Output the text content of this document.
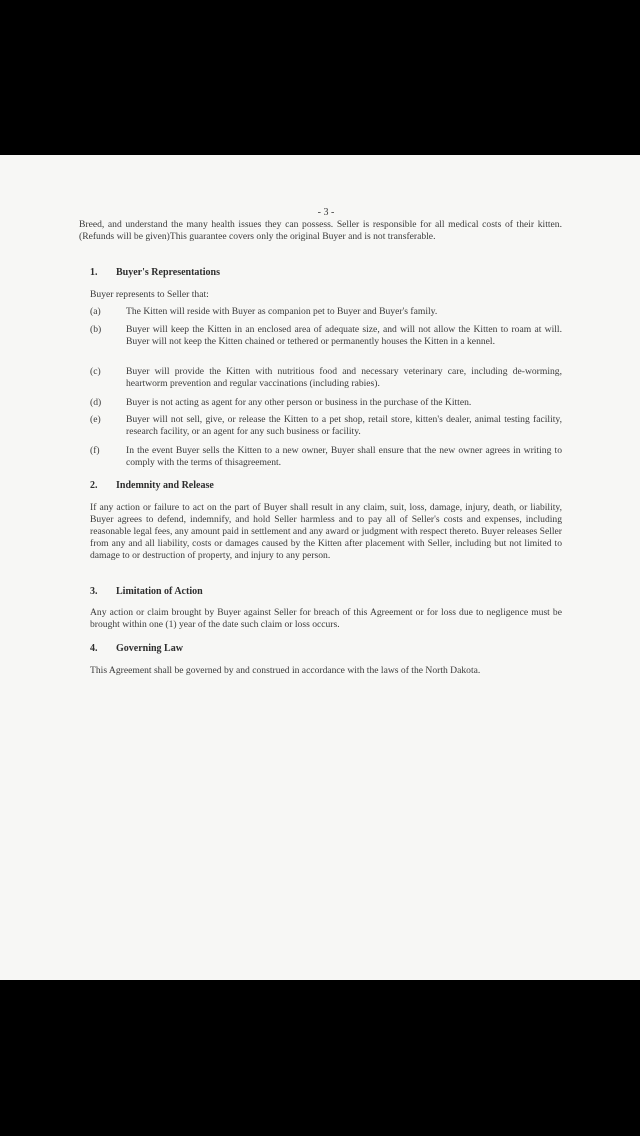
- 3 -
Breed, and understand the many health issues they can possess. Seller is responsible for all medical costs of their kitten. (Refunds will be given)This guarantee covers only the original Buyer and is not transferable.
1. Buyer's Representations
Buyer represents to Seller that:
(a)	The Kitten will reside with Buyer as companion pet to Buyer and Buyer's family.
(b)	Buyer will keep the Kitten in an enclosed area of adequate size, and will not allow the Kitten to roam at will. Buyer will not keep the Kitten chained or tethered or permanently houses the Kitten in a kennel.
(c)	Buyer will provide the Kitten with nutritious food and necessary veterinary care, including de-worming, heartworm prevention and regular vaccinations (including rabies).
(d)	Buyer is not acting as agent for any other person or business in the purchase of the Kitten.
(e)	Buyer will not sell, give, or release the Kitten to a pet shop, retail store, kitten's dealer, animal testing facility, research facility, or an agent for any such business or facility.
(f)	In the event Buyer sells the Kitten to a new owner, Buyer shall ensure that the new owner agrees in writing to comply with the terms of thisagreement.
2. Indemnity and Release
If any action or failure to act on the part of Buyer shall result in any claim, suit, loss, damage, injury, death, or liability, Buyer agrees to defend, indemnify, and hold Seller harmless and to pay all of Seller's costs and expenses, including reasonable legal fees, any amount paid in settlement and any award or judgment with respect thereto. Buyer releases Seller from any and all liability, costs or damages caused by the Kitten after placement with Seller, including but not limited to damage to or destruction of property, and injury to any person.
3. Limitation of Action
Any action or claim brought by Buyer against Seller for breach of this Agreement or for loss due to negligence must be brought within one (1) year of the date such claim or loss occurs.
4. Governing Law
This Agreement shall be governed by and construed in accordance with the laws of the North Dakota.
